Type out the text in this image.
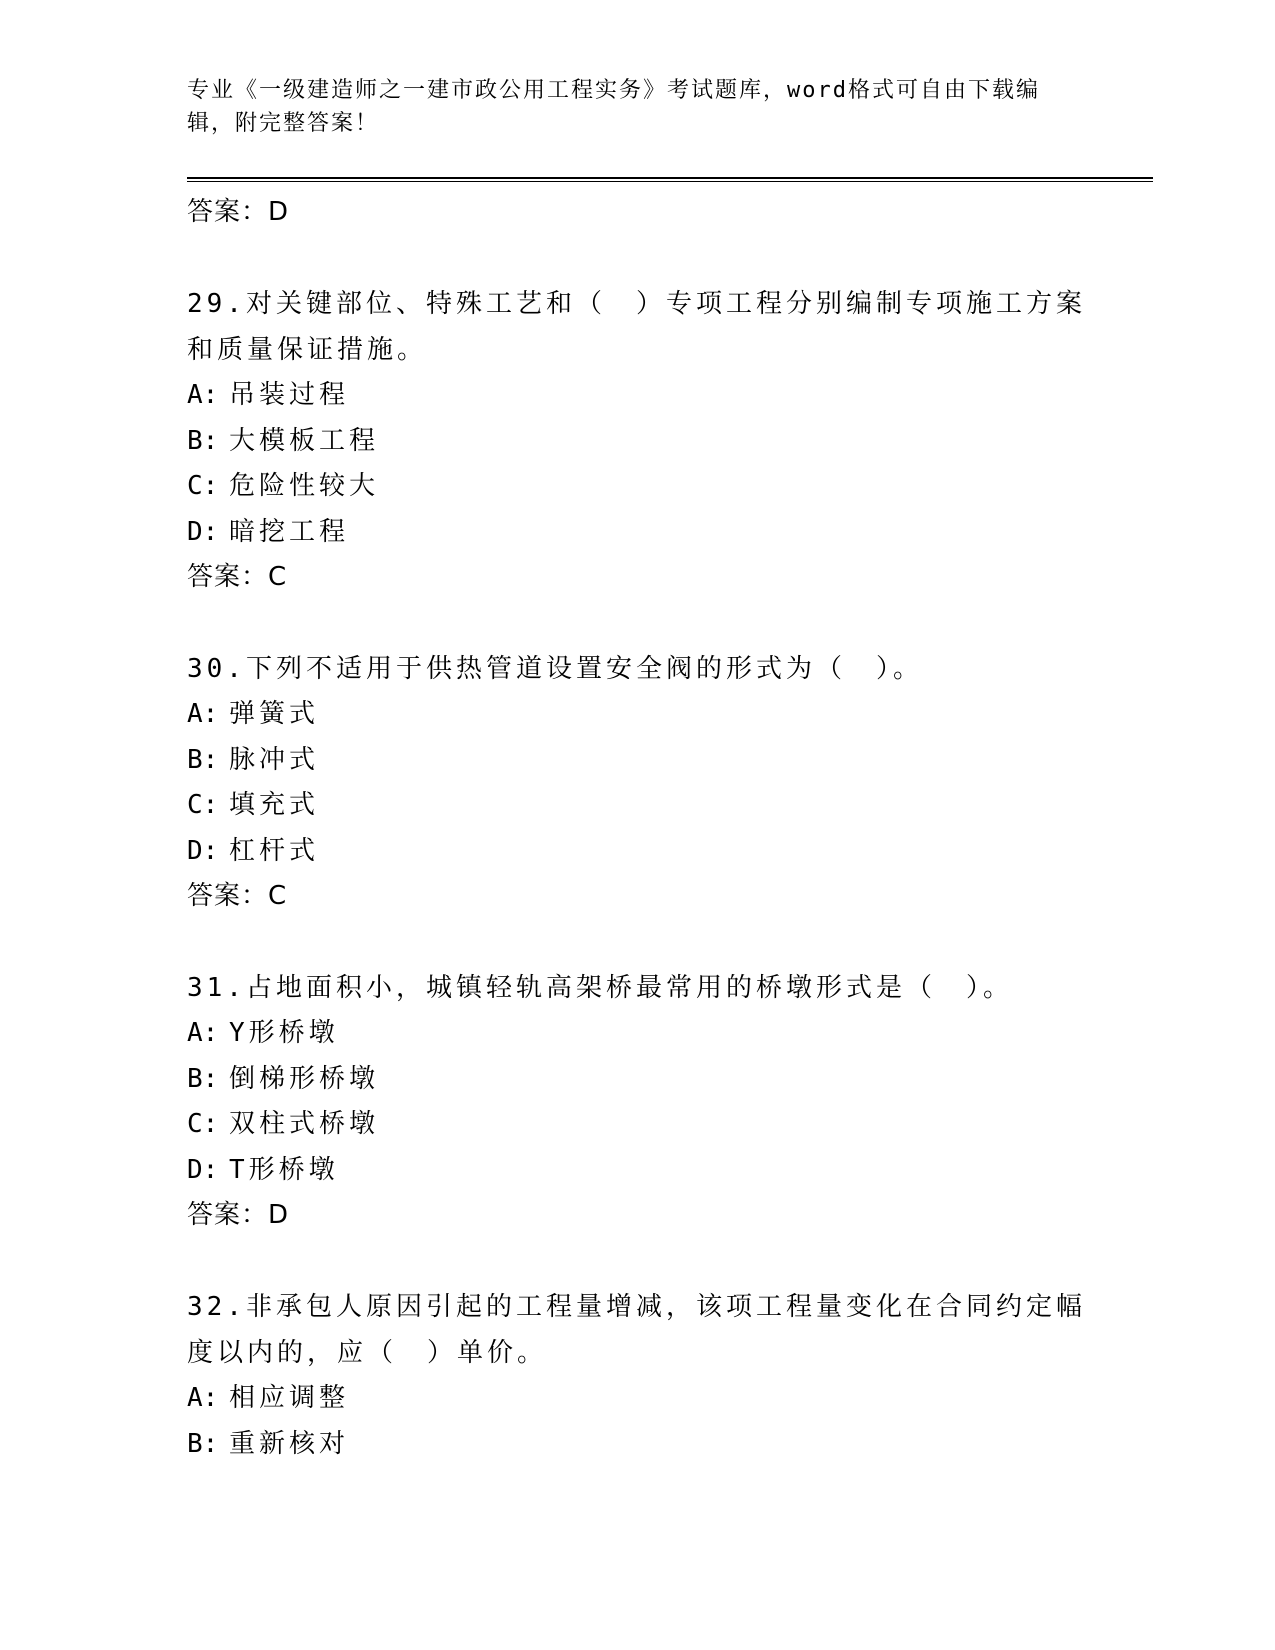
专业《一级建造师之一建市政公用工程实务》考试题库，word格式可自由下载编辑，附完整答案！

答案：D

29.对关键部位、特殊工艺和（　）专项工程分别编制专项施工方案和质量保证措施。

A: 吊装过程

B: 大模板工程

C: 危险性较大

D: 暗挖工程

答案：C

30.下列不适用于供热管道设置安全阀的形式为（　）。

A: 弹簧式

B: 脉冲式

C: 填充式

D: 杠杆式

答案：C

31.占地面积小，城镇轻轨高架桥最常用的桥墩形式是（　）。

A: Y形桥墩

B: 倒梯形桥墩

C: 双柱式桥墩

D: T形桥墩

答案：D

32.非承包人原因引起的工程量增减，该项工程量变化在合同约定幅度以内的，应（　）单价。

A: 相应调整

B: 重新核对
